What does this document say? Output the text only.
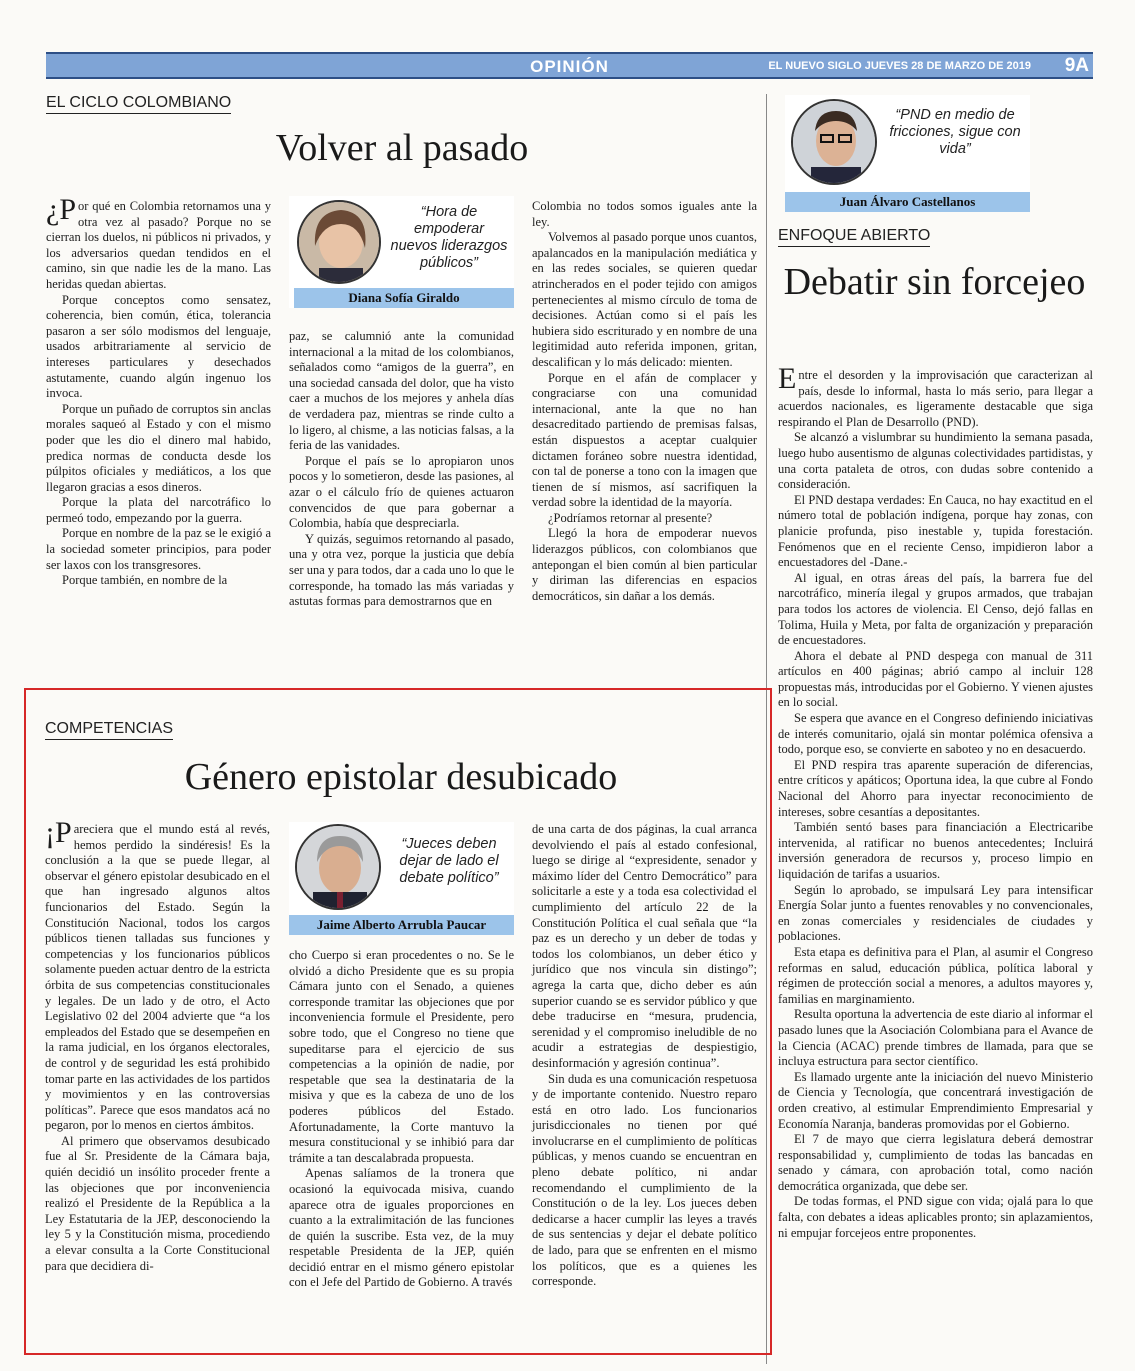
OPINIÓN	EL NUEVO SIGLO JUEVES 28 DE MARZO DE 2019 9A
EL CICLO COLOMBIANO
Volver al pasado

¿Por qué en Colombia retornamos una y otra vez al pasado? Porque no se cierran los duelos, ni públicos ni privados, y los adversarios quedan tendidos en el camino, sin que nadie les de la mano. Las heridas quedan abiertas.

Porque conceptos como sensatez, coherencia, bien común, ética, tolerancia pasaron a ser sólo modismos del lenguaje, usados arbitrariamente al servicio de intereses particulares y desechados astutamente, cuando algún ingenuo los invoca.

Porque un puñado de corruptos sin anclas morales saqueó al Estado y con el mismo poder que les dio el dinero mal habido, predica normas de conducta desde los púlpitos oficiales y mediáticos, a los que llegaron gracias a esos dineros.

Porque la plata del narcotráfico lo permeó todo, empezando por la guerra.

Porque en nombre de la paz se le exigió a la sociedad someter principios, para poder ser laxos con los transgresores.

Porque también, en nombre de la

“Hora de empoderar nuevos liderazgos públicos”
Diana Sofía Giraldo

paz, se calumnió ante la comunidad internacional a la mitad de los colombianos, señalados como “amigos de la guerra”, en una sociedad cansada del dolor, que ha visto caer a muchos de los mejores y anhela días de verdadera paz, mientras se rinde culto a lo ligero, al chisme, a las noticias falsas, a la feria de las vanidades.

Porque el país se lo apropiaron unos pocos y lo sometieron, desde las pasiones, al azar o el cálculo frío de quienes actuaron convencidos de que para gobernar a Colombia, había que despreciarla.

Y quizás, seguimos retornando al pasado, una y otra vez, porque la justicia que debía ser una y para todos, dar a cada uno lo que le corresponde, ha tomado las más variadas y astutas formas para demostrarnos que en

Colombia no todos somos iguales ante la ley.

Volvemos al pasado porque unos cuantos, apalancados en la manipulación mediática y en las redes sociales, se quieren quedar atrincherados en el poder tejido con amigos pertenecientes al mismo círculo de toma de decisiones. Actúan como si el país les hubiera sido escriturado y en nombre de una legitimidad auto referida imponen, gritan, descalifican y lo más delicado: mienten.

Porque en el afán de complacer y congraciarse con una comunidad internacional, ante la que no han desacreditado partiendo de premisas falsas, están dispuestos a aceptar cualquier dictamen foráneo sobre nuestra identidad, con tal de ponerse a tono con la imagen que tienen de sí mismos, así sacrifiquen la verdad sobre la identidad de la mayoría.

¿Podríamos retornar al presente?

Llegó la hora de empoderar nuevos liderazgos públicos, con colombianos que antepongan el bien común al bien particular y diriman las diferencias en espacios democráticos, sin dañar a los demás.

“PND en medio de fricciones, sigue con vida”
Juan Álvaro Castellanos
ENFOQUE ABIERTO
Debatir sin forcejeo

Entre el desorden y la improvisación que caracterizan al país, desde lo informal, hasta lo más serio, para llegar a acuerdos nacionales, es ligeramente destacable que siga respirando el Plan de Desarrollo (PND).

Se alcanzó a vislumbrar su hundimiento la semana pasada, luego hubo ausentismo de algunas colectividades partidistas, y una corta pataleta de otros, con dudas sobre contenido a consideración.

El PND destapa verdades: En Cauca, no hay exactitud en el número total de población indígena, porque hay zonas, con planicie profunda, piso inestable y, tupida forestación. Fenómenos que en el reciente Censo, impidieron labor a encuestadores del -Dane.-

Al igual, en otras áreas del país, la barrera fue del narcotráfico, minería ilegal y grupos armados, que trabajan para todos los actores de violencia. El Censo, dejó fallas en Tolima, Huila y Meta, por falta de organización y preparación de encuestadores.

Ahora el debate al PND despega con manual de 311 artículos en 400 páginas; abrió campo al incluir 128 propuestas más, introducidas por el Gobierno. Y vienen ajustes en lo social.

Se espera que avance en el Congreso definiendo iniciativas de interés comunitario, ojalá sin montar polémica ofensiva a todo, porque eso, se convierte en saboteo y no en desacuerdo.

El PND respira tras aparente superación de diferencias, entre críticos y apáticos; Oportuna idea, la que cubre al Fondo Nacional del Ahorro para inyectar reconocimiento de intereses, sobre cesantías a depositantes.

También sentó bases para financiación a Electricaribe intervenida, al ratificar no buenos antecedentes; Incluirá inversión generadora de recursos y, proceso limpio en liquidación de tarifas a usuarios.

Según lo aprobado, se impulsará Ley para intensificar Energía Solar junto a fuentes renovables y no convencionales, en zonas comerciales y residenciales de ciudades y poblaciones.

Esta etapa es definitiva para el Plan, al asumir el Congreso reformas en salud, educación pública, política laboral y régimen de protección social a menores, a adultos mayores y, familias en marginamiento.

Resulta oportuna la advertencia de este diario al informar el pasado lunes que la Asociación Colombiana para el Avance de la Ciencia (ACAC) prende timbres de llamada, para que se incluya estructura para sector científico.

Es llamado urgente ante la iniciación del nuevo Ministerio de Ciencia y Tecnología, que concentrará investigación de orden creativo, al estimular Emprendimiento Empresarial y Economía Naranja, banderas promovidas por el Gobierno.

El 7 de mayo que cierra legislatura deberá demostrar responsabilidad y, cumplimiento de todas las bancadas en senado y cámara, con aprobación total, como nación democrática organizada, que debe ser.

De todas formas, el PND sigue con vida; ojalá para lo que falta, con debates a ideas aplicables pronto; sin aplazamientos, ni empujar forcejeos entre proponentes.

COMPETENCIAS
Género epistolar desubicado

¡Pareciera que el mundo está al revés, hemos perdido la sindéresis! Es la conclusión a la que se puede llegar, al observar el género epistolar desubicado en el que han ingresado algunos altos funcionarios del Estado. Según la Constitución Nacional, todos los cargos públicos tienen talladas sus funciones y competencias y los funcionarios públicos solamente pueden actuar dentro de la estricta órbita de sus competencias constitucionales y legales. De un lado y de otro, el Acto Legislativo 02 del 2004 advierte que “a los empleados del Estado que se desempeñen en la rama judicial, en los órganos electorales, de control y de seguridad les está prohibido tomar parte en las actividades de los partidos y movimientos y en las controversias políticas”. Parece que esos mandatos acá no pegaron, por lo menos en ciertos ámbitos.

Al primero que observamos desubicado fue al Sr. Presidente de la Cámara baja, quién decidió un insólito proceder frente a las objeciones que por inconveniencia realizó el Presidente de la República a la Ley Estatutaria de la JEP, desconociendo la ley 5 y la Constitución misma, procediendo a elevar consulta a la Corte Constitucional para que decidiera di-

“Jueces deben dejar de lado el debate político”
Jaime Alberto Arrubla Paucar

cho Cuerpo si eran procedentes o no. Se le olvidó a dicho Presidente que es su propia Cámara junto con el Senado, a quienes corresponde tramitar las objeciones que por inconveniencia formule el Presidente, pero sobre todo, que el Congreso no tiene que supeditarse para el ejercicio de sus competencias a la opinión de nadie, por respetable que sea la destinataria de la misiva y que es la cabeza de uno de los poderes públicos del Estado. Afortunadamente, la Corte mantuvo la mesura constitucional y se inhibió para dar trámite a tan descalabrada propuesta.

Apenas salíamos de la tronera que ocasionó la equivocada misiva, cuando aparece otra de iguales proporciones en cuanto a la extralimitación de las funciones de quién la suscribe. Esta vez, de la muy respetable Presidenta de la JEP, quién decidió entrar en el mismo género epistolar con el Jefe del Partido de Gobierno. A través

de una carta de dos páginas, la cual arranca devolviendo el país al estado confesional, luego se dirige al “expresidente, senador y máximo líder del Centro Democrático” para solicitarle a este y a toda esa colectividad el cumplimiento del artículo 22 de la Constitución Política el cual señala que “la paz es un derecho y un deber de todas y todos los colombianos, un deber ético y jurídico que nos vincula sin distingo”; agrega la carta que, dicho deber es aún superior cuando se es servidor público y que debe traducirse en “mesura, prudencia, serenidad y el compromiso ineludible de no acudir a estrategias de despiestigio, desinformación y agresión continua”.

Sin duda es una comunicación respetuosa y de importante contenido. Nuestro reparo está en otro lado. Los funcionarios jurisdiccionales no tienen por qué involucrarse en el cumplimiento de políticas públicas, y menos cuando se encuentran en pleno debate político, ni andar recomendando el cumplimiento de la Constitución o de la ley. Los jueces deben dedicarse a hacer cumplir las leyes a través de sus sentencias y dejar el debate político de lado, para que se enfrenten en el mismo los políticos, que es a quienes les corresponde.
